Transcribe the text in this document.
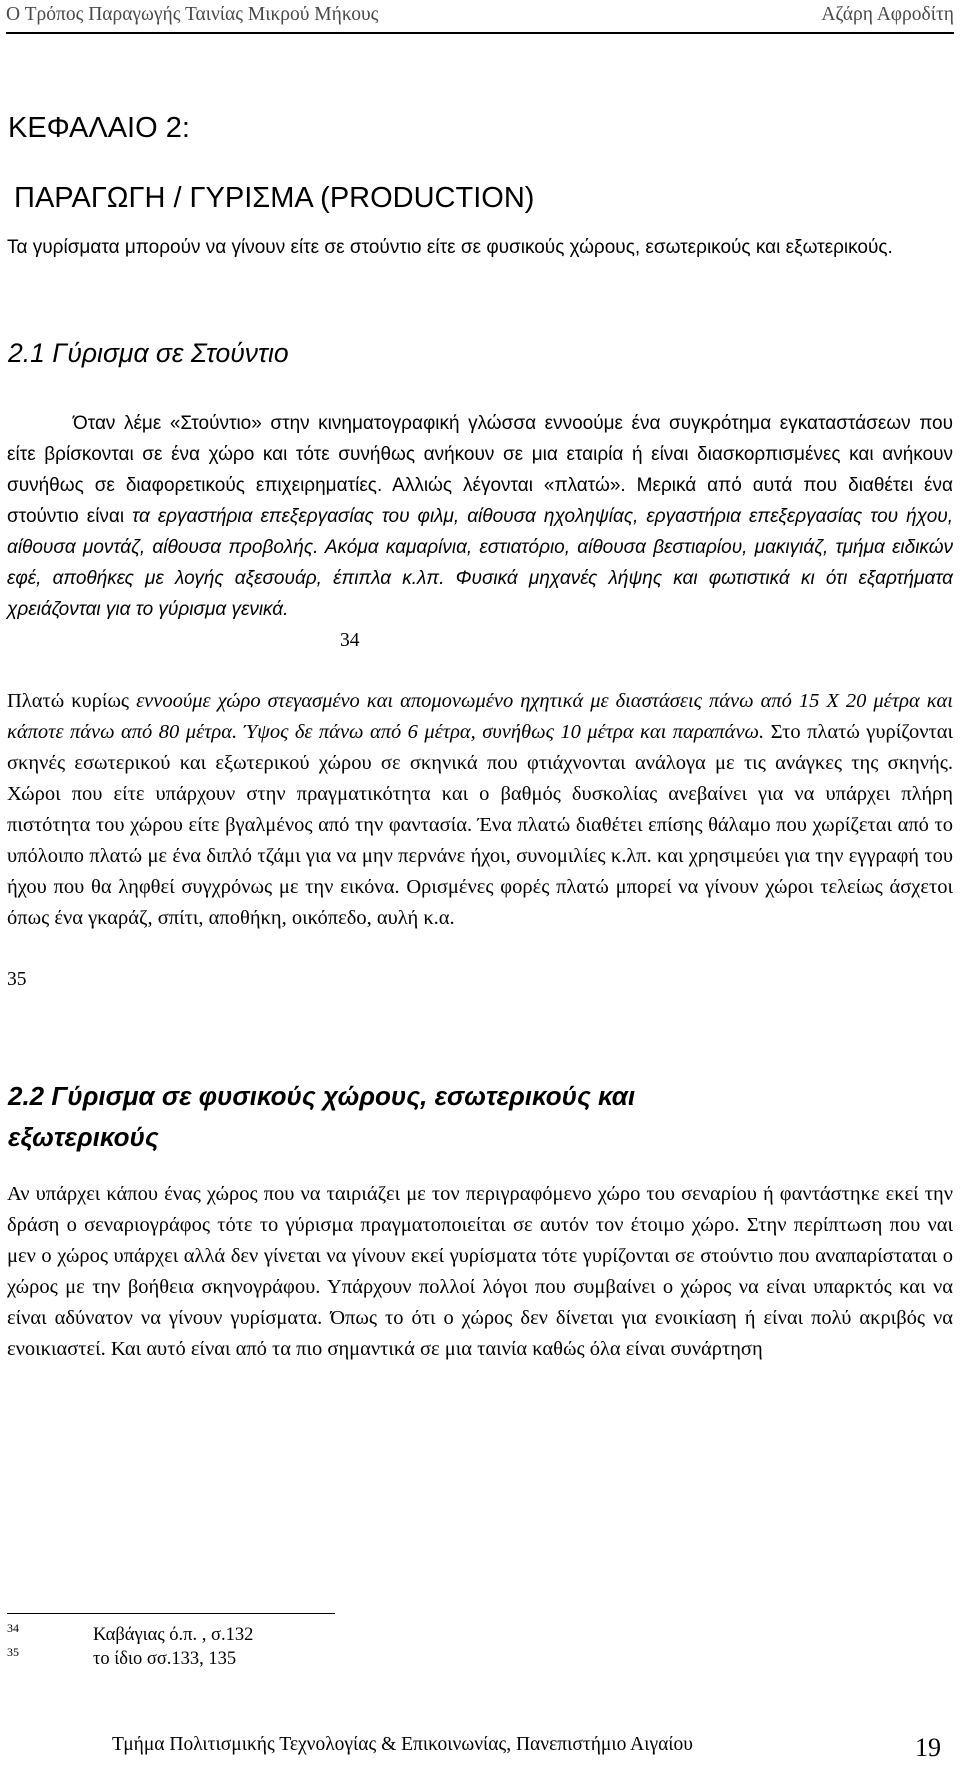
Ο Τρόπος Παραγωγής Ταινίας Μικρού Μήκους	Αζάρη Αφροδίτη
ΚΕΦΑΛΑΙΟ 2:
ΠΑΡΑΓΩΓΗ / ΓΥΡΙΣΜΑ (PRODUCTION)

Τα γυρίσματα μπορούν να γίνουν είτε σε στούντιο είτε σε φυσικούς χώρους, εσωτερικούς και εξωτερικούς.

2.1 Γύρισμα σε Στούντιο

Όταν λέμε «Στούντιο» στην κινηματογραφική γλώσσα εννοούμε ένα συγκρότημα εγκαταστάσεων που είτε βρίσκονται σε ένα χώρο και τότε συνήθως ανήκουν σε μια εταιρία ή είναι διασκορπισμένες και ανήκουν συνήθως σε διαφορετικούς επιχειρηματίες. Αλλιώς λέγονται «πλατώ». Μερικά από αυτά που διαθέτει ένα στούντιο είναι τα εργαστήρια επεξεργασίας του φιλμ, αίθουσα ηχοληψίας, εργαστήρια επεξεργασίας του ήχου, αίθουσα μοντάζ, αίθουσα προβολής. Ακόμα καμαρίνια, εστιατόριο, αίθουσα βεστιαρίου, μακιγιάζ, τμήμα ειδικών εφέ, αποθήκες με λογής αξεσουάρ, έπιπλα κ.λπ. Φυσικά μηχανές λήψης και φωτιστικά κι ότι εξαρτήματα χρειάζονται για το γύρισμα γενικά.

34

Πλατώ κυρίως εννοούμε χώρο στεγασμένο και απομονωμένο ηχητικά με διαστάσεις πάνω από 15 Χ 20 μέτρα και κάποτε πάνω από 80 μέτρα. Ύψος δε πάνω από 6 μέτρα, συνήθως 10 μέτρα και παραπάνω. Στο πλατώ γυρίζονται σκηνές εσωτερικού και εξωτερικού χώρου σε σκηνικά που φτιάχνονται ανάλογα με τις ανάγκες της σκηνής. Χώροι που είτε υπάρχουν στην πραγματικότητα και ο βαθμός δυσκολίας ανεβαίνει για να υπάρχει πλήρη πιστότητα του χώρου είτε βγαλμένος από την φαντασία. Ένα πλατώ διαθέτει επίσης θάλαμο που χωρίζεται από το υπόλοιπο πλατώ με ένα διπλό τζάμι για να μην περνάνε ήχοι, συνομιλίες κ.λπ. και χρησιμεύει για την εγγραφή του ήχου που θα ληφθεί συγχρόνως με την εικόνα. Ορισμένες φορές πλατώ μπορεί να γίνουν χώροι τελείως άσχετοι όπως ένα γκαράζ, σπίτι, αποθήκη, οικόπεδο, αυλή κ.α.

35
2.2 Γύρισμα σε φυσικούς χώρους, εσωτερικούς και εξωτερικούς

Αν υπάρχει κάπου ένας χώρος που να ταιριάζει με τον περιγραφόμενο χώρο του σεναρίου ή φαντάστηκε εκεί την δράση ο σεναριογράφος τότε το γύρισμα πραγματοποιείται σε αυτόν τον έτοιμο χώρο. Στην περίπτωση που ναι μεν ο χώρος υπάρχει αλλά δεν γίνεται να γίνουν εκεί γυρίσματα τότε γυρίζονται σε στούντιο που αναπαρίσταται ο χώρος με την βοήθεια σκηνογράφου. Υπάρχουν πολλοί λόγοι που συμβαίνει ο χώρος να είναι υπαρκτός και να είναι αδύνατον να γίνουν γυρίσματα. Όπως το ότι ο χώρος δεν δίνεται για ενοικίαση ή είναι πολύ ακριβός να ενοικιαστεί. Και αυτό είναι από τα πιο σημαντικά σε μια ταινία καθώς όλα είναι συνάρτηση

34	Καβάγιας ό.π. , σ.132
35	το ίδιο σσ.133, 135
Τμήμα Πολιτισμικής Τεχνολογίας & Επικοινωνίας, Πανεπιστήμιο Αιγαίου	19
